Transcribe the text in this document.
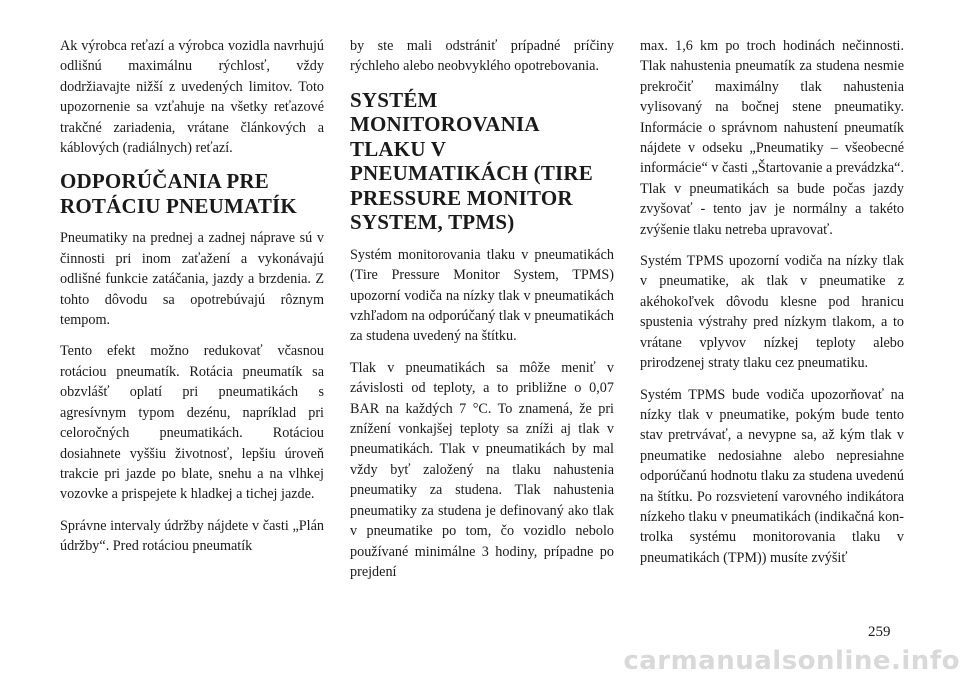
Ak výrobca reťazí a výrobca vozidla navrhujú odlišnú maximálnu rýchlosť, vždy dodržiavajte nižší z uvedených limitov. Toto upozornenie sa vzťahuje na všetky reťazové trakčné zariadenia, vrátane článkových a káblových (radiálnych) reťazí.

ODPORÚČANIA PRE ROTÁCIU PNEUMATÍK

Pneumatiky na prednej a zadnej náprave sú v činnosti pri inom zaťažení a vykonávajú odlišné funkcie zatáčania, jazdy a brzdenia. Z tohto dôvodu sa opotrebúvajú rôznym tempom.

Tento efekt možno redukovať včasnou rotáciou pneumatík. Rotácia pneumatík sa obzvlášť oplatí pri pneumatikách s agresívnym typom dezénu, napríklad pri celoročných pneumatikách. Rotáciou dosiahnete vyššiu životnosť, lepšiu úroveň trakcie pri jazde po blate, snehu a na vlhkej vozovke a prispejete k hladkej a tichej jazde.

Správne intervaly údržby nájdete v časti „Plán údržby“. Pred rotáciou pneumatík

by ste mali odstrániť prípadné príčiny rýchleho alebo neobvyklého opotrebovania.

SYSTÉM MONITOROVANIA TLAKU V PNEUMATIKÁCH (TIRE PRESSURE MONITOR SYSTEM, TPMS)

Systém monitorovania tlaku v pneumatikách (Tire Pressure Monitor System, TPMS) upozorní vodiča na nízky tlak v pneumatikách vzhľadom na odporúčaný tlak v pneumatikách za studena uvedený na štítku.

Tlak v pneumatikách sa môže meniť v závislosti od teploty, a to približne o 0,07 BAR na každých 7 °C. To znamená, že pri znížení vonkajšej teploty sa zníži aj tlak v pneumatikách. Tlak v pneumatikách by mal vždy byť založený na tlaku nahustenia pneumatiky za studena. Tlak nahustenia pneumatiky za studena je definovaný ako tlak v pneumatike po tom, čo vozidlo nebolo používané minimálne 3 hodiny, prípadne po prejdení

max. 1,6 km po troch hodinách nečinnosti. Tlak nahustenia pneumatík za studena nesmie prekročiť maximálny tlak nahustenia vylisovaný na bočnej stene pneumatiky. Informácie o správnom nahustení pneumatík nájdete v odseku „Pneumatiky – všeobecné informácie“ v časti „Štartovanie a prevádzka“. Tlak v pneumatikách sa bude počas jazdy zvyšovať - tento jav je normálny a takéto zvýšenie tlaku netreba upravovať.

Systém TPMS upozorní vodiča na nízky tlak v pneumatike, ak tlak v pneumatike z akéhokoľvek dôvodu klesne pod hranicu spustenia výstrahy pred nízkym tlakom, a to vrátane vplyvov nízkej teploty alebo prirodzenej straty tlaku cez pneumatiku.

Systém TPMS bude vodiča upozorňovať na nízky tlak v pneumatike, pokým bude tento stav pretrvávať, a nevypne sa, až kým tlak v pneumatike nedosiahne alebo nepresiahne odporúčanú hodnotu tlaku za studena uvedenú na štítku. Po rozsvietení varovného indikátora nízkeho tlaku v pneumatikách (indikačná kontrolka systému monitorovania tlaku v pneumatikách (TPM)) musíte zvýšiť

259
carmanualsonline.info
